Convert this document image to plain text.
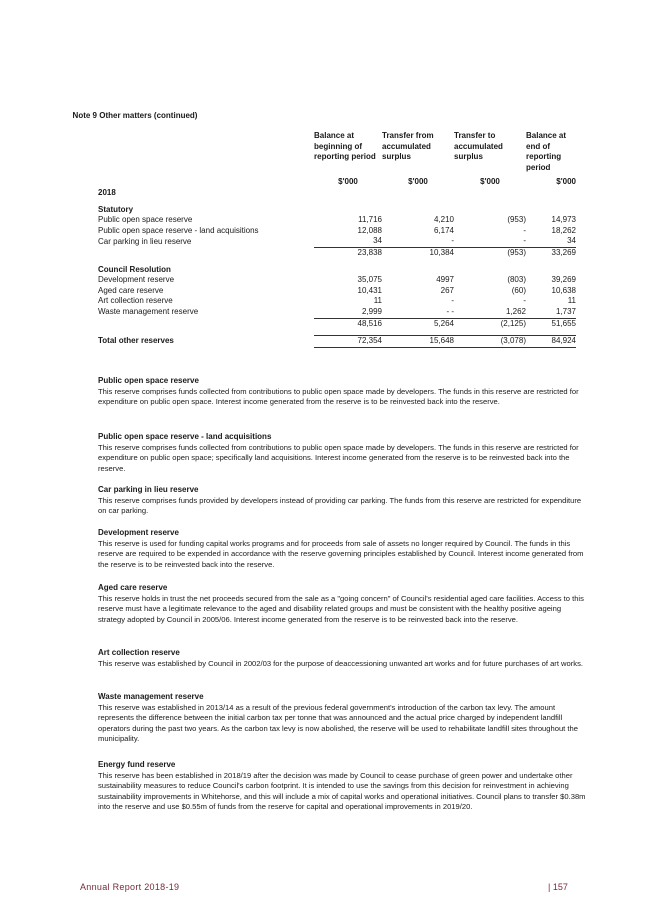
Note 9 Other matters (continued)
	Balance at beginning of reporting period	Transfer from accumulated surplus	Transfer to accumulated surplus	Balance at end of reporting period
	$'000	$'000	$'000	$'000
2018				

Statutory				
Public open space reserve	11,716	4,210	(953)	14,973
Public open space reserve - land acquisitions	12,088	6,174	-	18,262
Car parking in lieu reserve	34	-	-	34
	23,838	10,384	(953)	33,269

Council Resolution				
Development reserve	35,075	4997	(803)	39,269
Aged care reserve	10,431	267	(60)	10,638
Art collection reserve	11	-	-	11
Waste management reserve	2,999	- -	1,262	1,737
	48,516	5,264	(2,125)	51,655

Total other reserves	72,354	15,648	(3,078)	84,924
Public open space reserve

This reserve comprises funds collected from contributions to public open space made by developers. The funds in this reserve are restricted for expenditure on public open space. Interest income generated from the reserve is to be reinvested back into the reserve.

Public open space reserve - land acquisitions

This reserve comprises funds collected from contributions to public open space made by developers. The funds in this reserve are restricted for expenditure on public open space; specifically land acquisitions. Interest income generated from the reserve is to be reinvested back into the reserve.

Car parking in lieu reserve

This reserve comprises funds provided by developers instead of providing car parking. The funds from this reserve are restricted for expenditure on car parking.

Development reserve

This reserve is used for funding capital works programs and for proceeds from sale of assets no longer required by Council. The funds in this reserve are required to be expended in accordance with the reserve governing principles established by Council. Interest income generated from the reserve is to be reinvested back into the reserve.

Aged care reserve

This reserve holds in trust the net proceeds secured from the sale as a "going concern" of Council's residential aged care facilities. Access to this reserve must have a legitimate relevance to the aged and disability related groups and must be consistent with the healthy positive ageing strategy adopted by Council in 2005/06. Interest income generated from the reserve is to be reinvested back into the reserve.

Art collection reserve

This reserve was established by Council in 2002/03 for the purpose of deaccessioning unwanted art works and for future purchases of art works.

Waste management reserve

This reserve was established in 2013/14 as a result of the previous federal government's introduction of the carbon tax levy. The amount represents the difference between the initial carbon tax per tonne that was announced and the actual price charged by independent landfill operators during the past two years. As the carbon tax levy is now abolished, the reserve will be used to rehabilitate landfill sites throughout the municipality.

Energy fund reserve

This reserve has been established in 2018/19 after the decision was made by Council to cease purchase of green power and undertake other sustainability measures to reduce Council's carbon footprint. It is intended to use the savings from this decision for reinvestment in achieving sustainability improvements in Whitehorse, and this will include a mix of capital works and operational initiatives. Council plans to transfer $0.38m into the reserve and use $0.55m of funds from the reserve for capital and operational improvements in 2019/20.

Annual Report 2018-19	| 157
